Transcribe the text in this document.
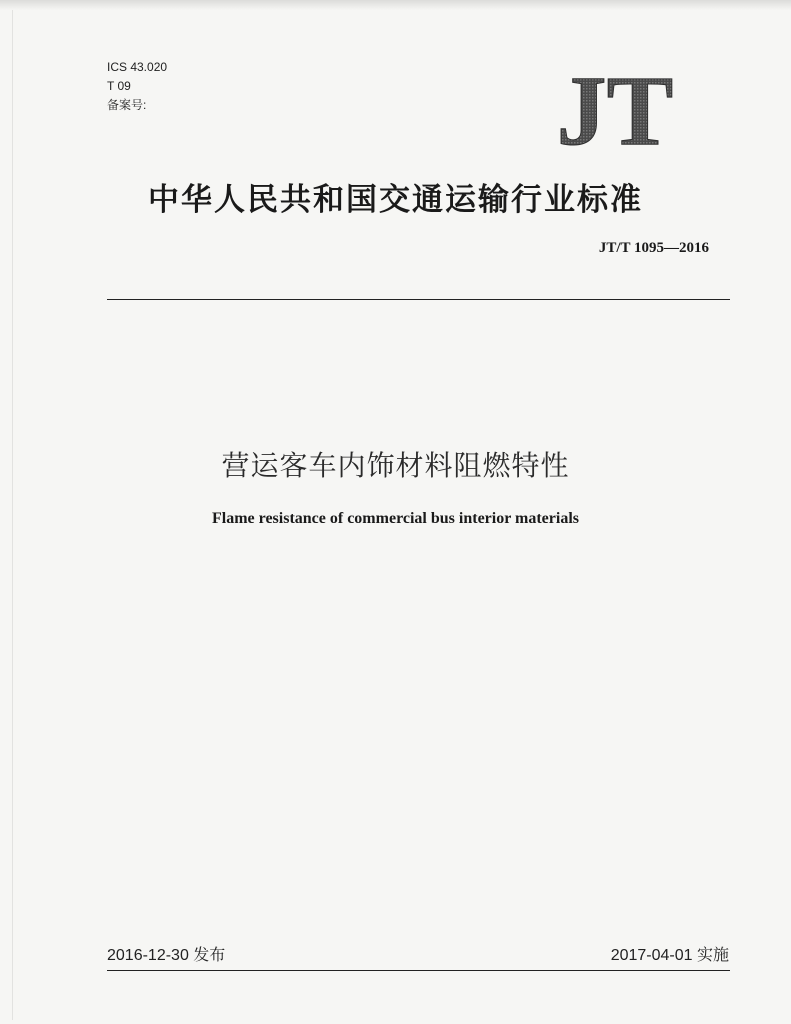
ICS 43.020
T 09
备案号:	JT
中华人民共和国交通运输行业标准
JT/T 1095—2016
营运客车内饰材料阻燃特性
Flame resistance of commercial bus interior materials
2016-12-30 发布	2017-04-01 实施
